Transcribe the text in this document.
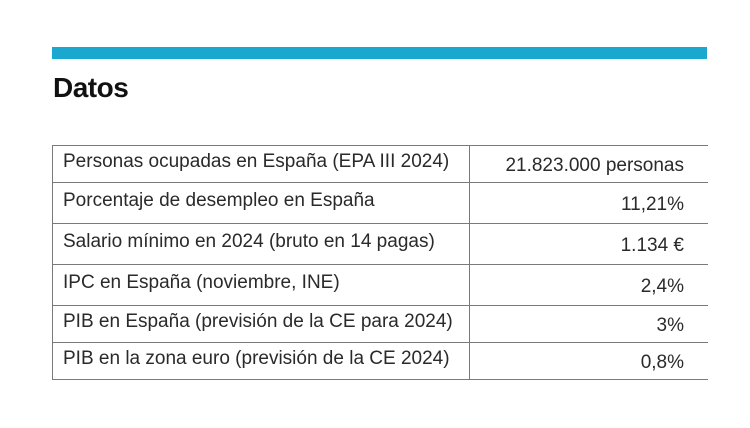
Datos
Personas ocupadas en España (EPA III 2024)	21.823.000 personas
Porcentaje de desempleo en España	11,21%
Salario mínimo en 2024 (bruto en 14 pagas)	1.134 €
IPC en España (noviembre, INE)	2,4%
PIB en España (previsión de la CE para 2024)	3%
PIB en la zona euro (previsión de la CE 2024)	0,8%
